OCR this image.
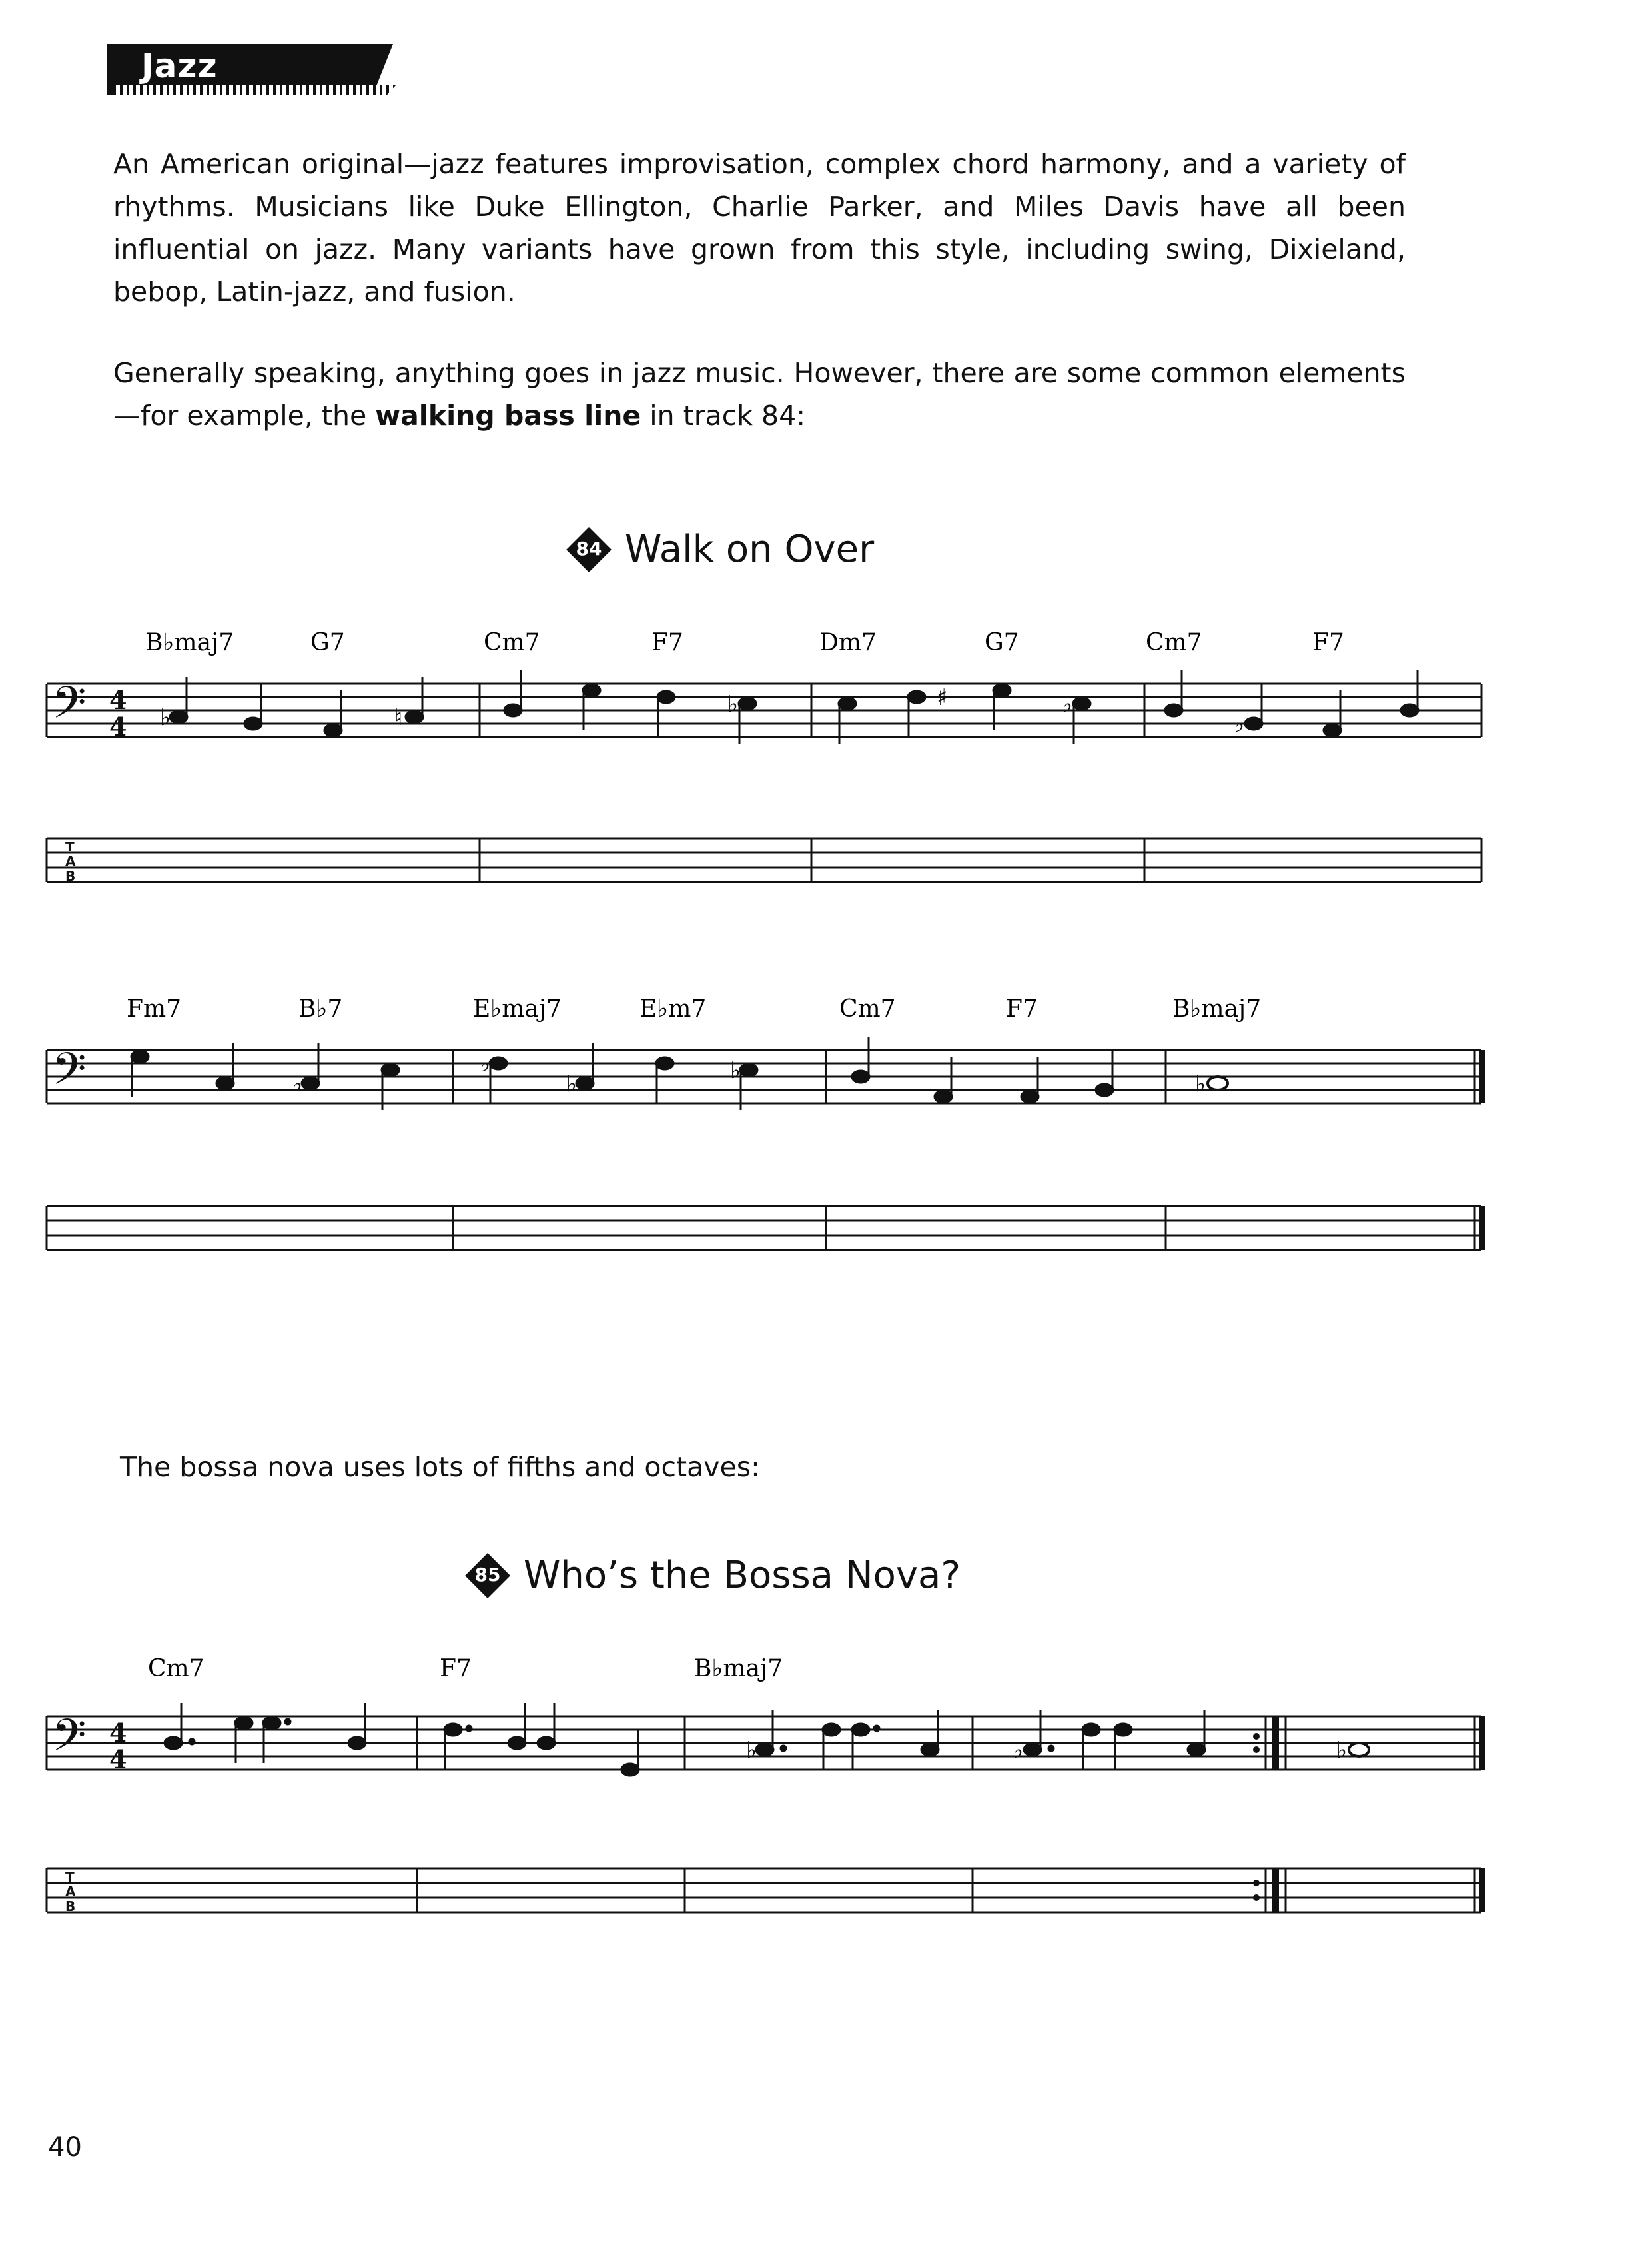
Jazz
An American original—jazz features improvisation, complex chord harmony, and a variety of rhythms. Musicians like Duke Ellington, Charlie Parker, and Miles Davis have all been influential on jazz. Many variants have grown from this style, including swing, Dixieland, bebop, Latin-jazz, and fusion.
Generally speaking, anything goes in jazz music. However, there are some common elements—for example, the walking bass line in track 84:
84 Walk on Over
B♭maj7	G7	Cm7	F7	Dm7	G7	Cm7	F7
𝄢 4
4 ♭	♮	♭	♯	♭
♭
T
A
B
Fm7	B♭7	E♭maj7	E♭m7	Cm7	F7	B♭maj7
𝄢	♭
♭
♭	♭	♭
The bossa nova uses lots of fifths and octaves:
85 Who’s the Bossa Nova?
Cm7	F7	B♭maj7
𝄢 4
4	♭	♭	♭
T
A
B
40
